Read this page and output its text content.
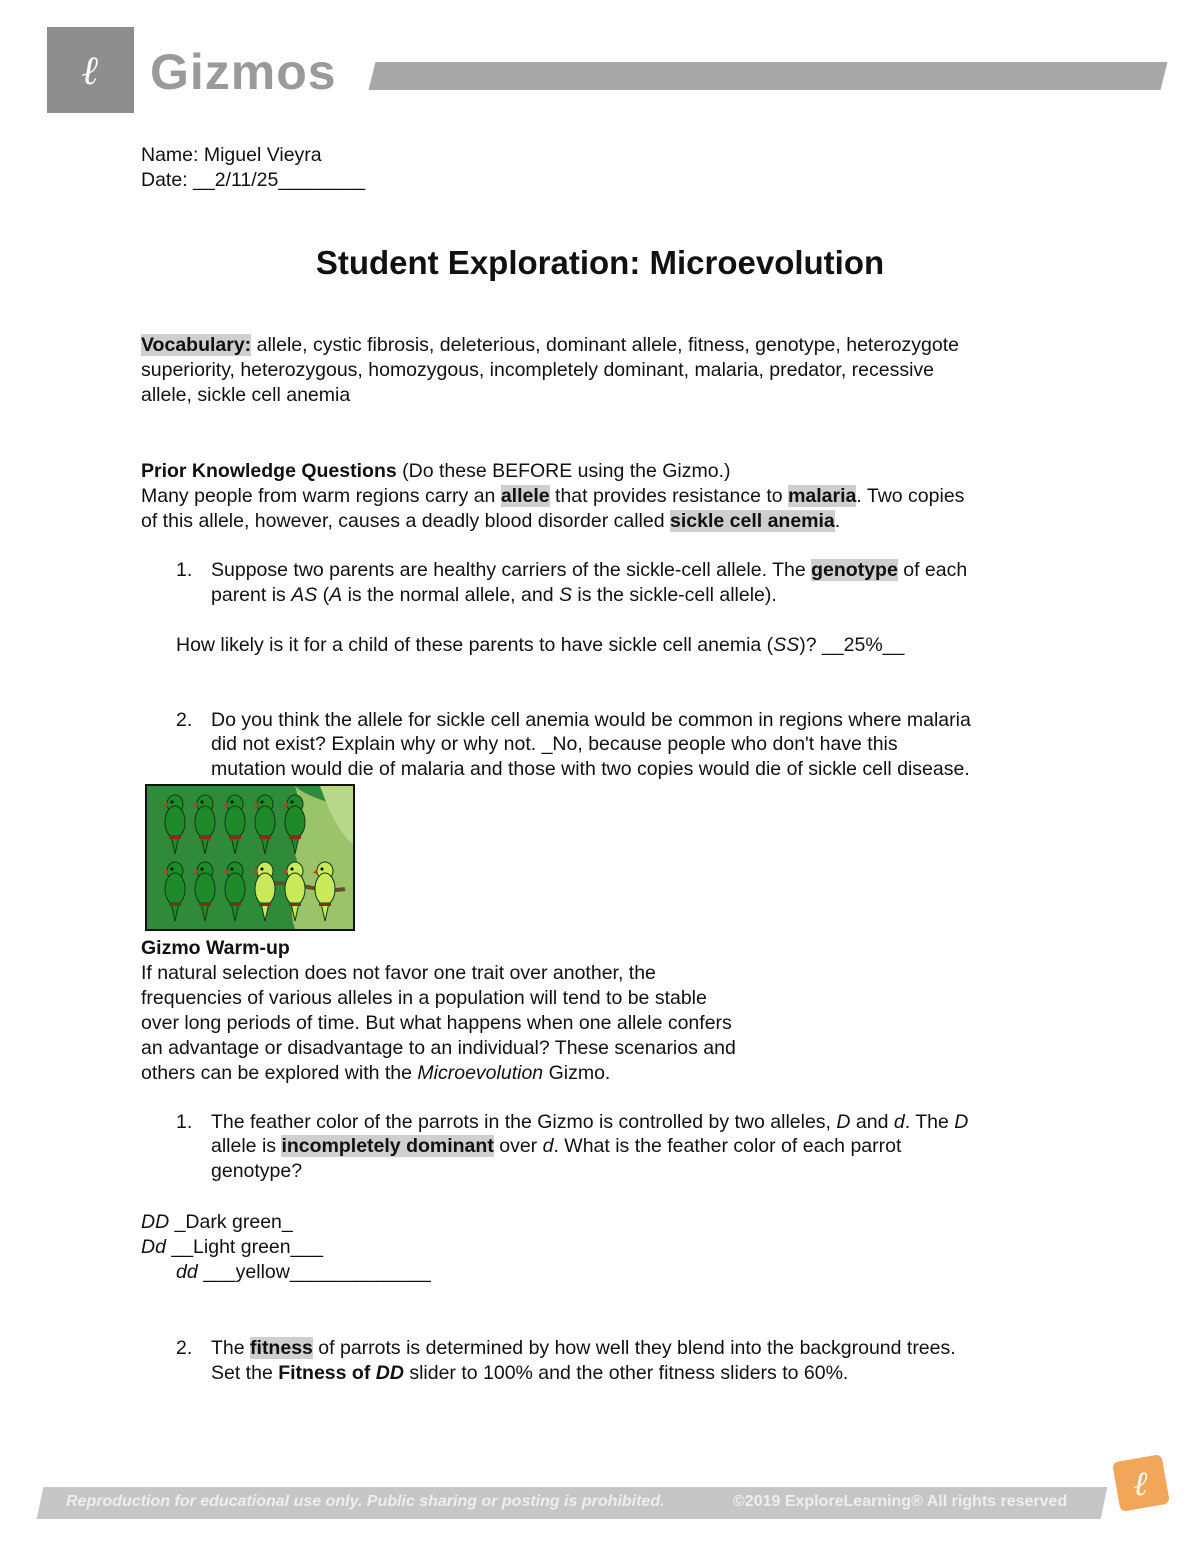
ℓ	Gizmos
Name: Miguel Vieyra
Date: __2/11/25________
Student Exploration: Microevolution
Vocabulary: allele, cystic fibrosis, deleterious, dominant allele, fitness, genotype, heterozygote
superiority, heterozygous, homozygous, incompletely dominant, malaria, predator, recessive
allele, sickle cell anemia
Prior Knowledge Questions (Do these BEFORE using the Gizmo.)
Many people from warm regions carry an allele that provides resistance to malaria. Two copies
of this allele, however, causes a deadly blood disorder called sickle cell anemia.
1. Suppose two parents are healthy carriers of the sickle-cell allele. The genotype of each
parent is AS (A is the normal allele, and S is the sickle-cell allele).
How likely is it for a child of these parents to have sickle cell anemia (SS)? __25%__
2. Do you think the allele for sickle cell anemia would be common in regions where malaria
did not exist? Explain why or why not. _No, because people who don't have this
mutation would die of malaria and those with two copies would die of sickle cell disease.
Gizmo Warm-up
If natural selection does not favor one trait over another, the
frequencies of various alleles in a population will tend to be stable
over long periods of time. But what happens when one allele confers
an advantage or disadvantage to an individual? These scenarios and
others can be explored with the Microevolution Gizmo.
1. The feather color of the parrots in the Gizmo is controlled by two alleles, D and d. The D
allele is incompletely dominant over d. What is the feather color of each parrot
genotype?
DD _Dark green_
Dd __Light green___
dd ___yellow_____________
2. The fitness of parrots is determined by how well they blend into the background trees.
Set the Fitness of DD slider to 100% and the other fitness sliders to 60%.
Reproduction for educational use only. Public sharing or posting is prohibited.	©2019 ExploreLearning® All rights reserved ℓ
